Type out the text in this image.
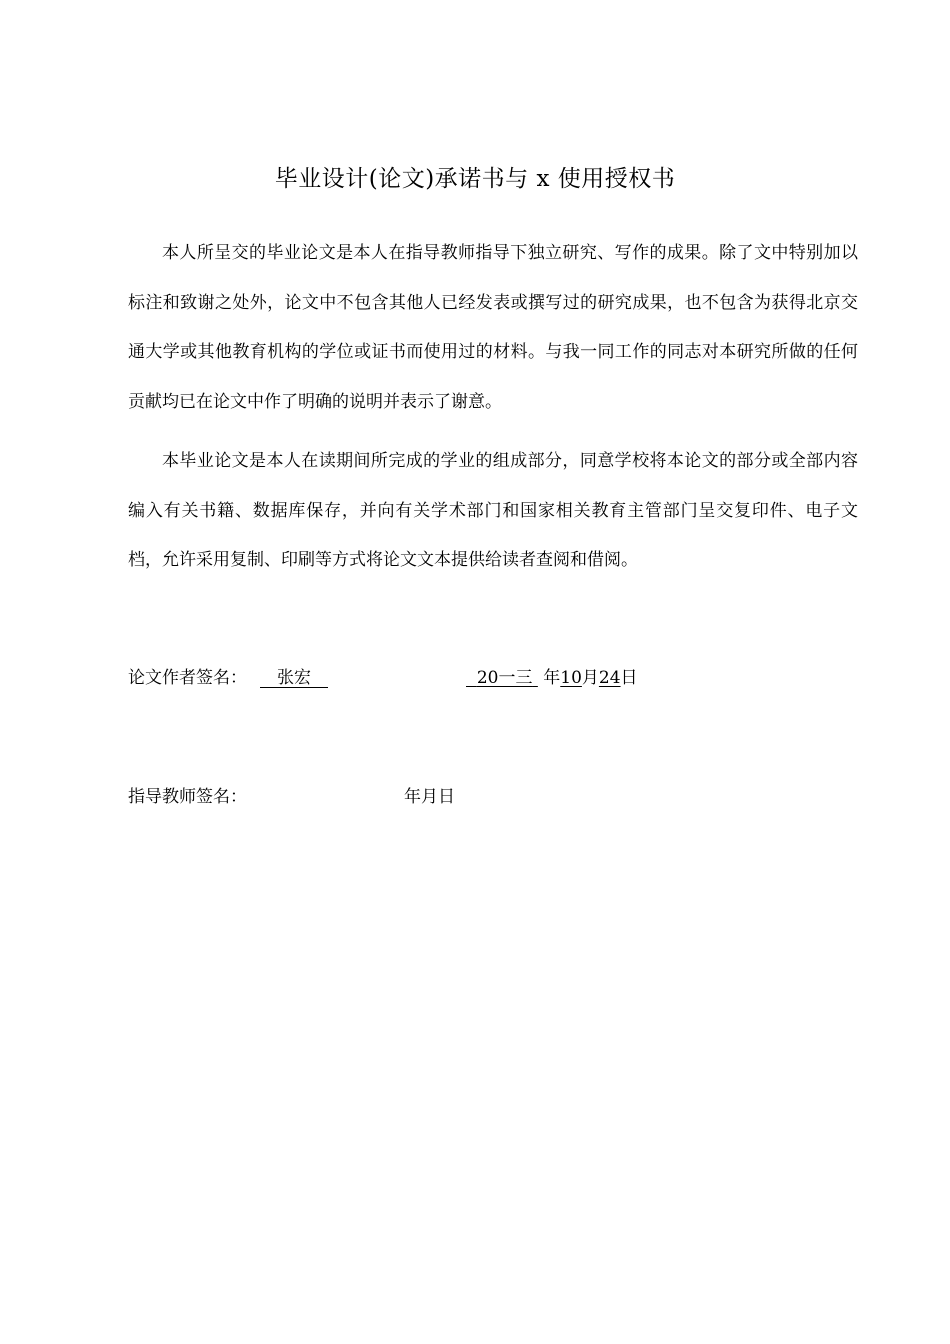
毕业设计(论文)承诺书与 x 使用授权书

本人所呈交的毕业论文是本人在指导教师指导下独立研究、写作的成果。除了文中特别加以标注和致谢之处外，论文中不包含其他人已经发表或撰写过的研究成果，也不包含为获得北京交通大学或其他教育机构的学位或证书而使用过的材料。与我一同工作的同志对本研究所做的任何贡献均已在论文中作了明确的说明并表示了谢意。

本毕业论文是本人在读期间所完成的学业的组成部分，同意学校将本论文的部分或全部内容编入有关书籍、数据库保存，并向有关学术部门和国家相关教育主管部门呈交复印件、电子文档，允许采用复制、印刷等方式将论文文本提供给读者查阅和借阅。

论文作者签名：	张宏	20一三 年10月24日
指导教师签名：	年月日
